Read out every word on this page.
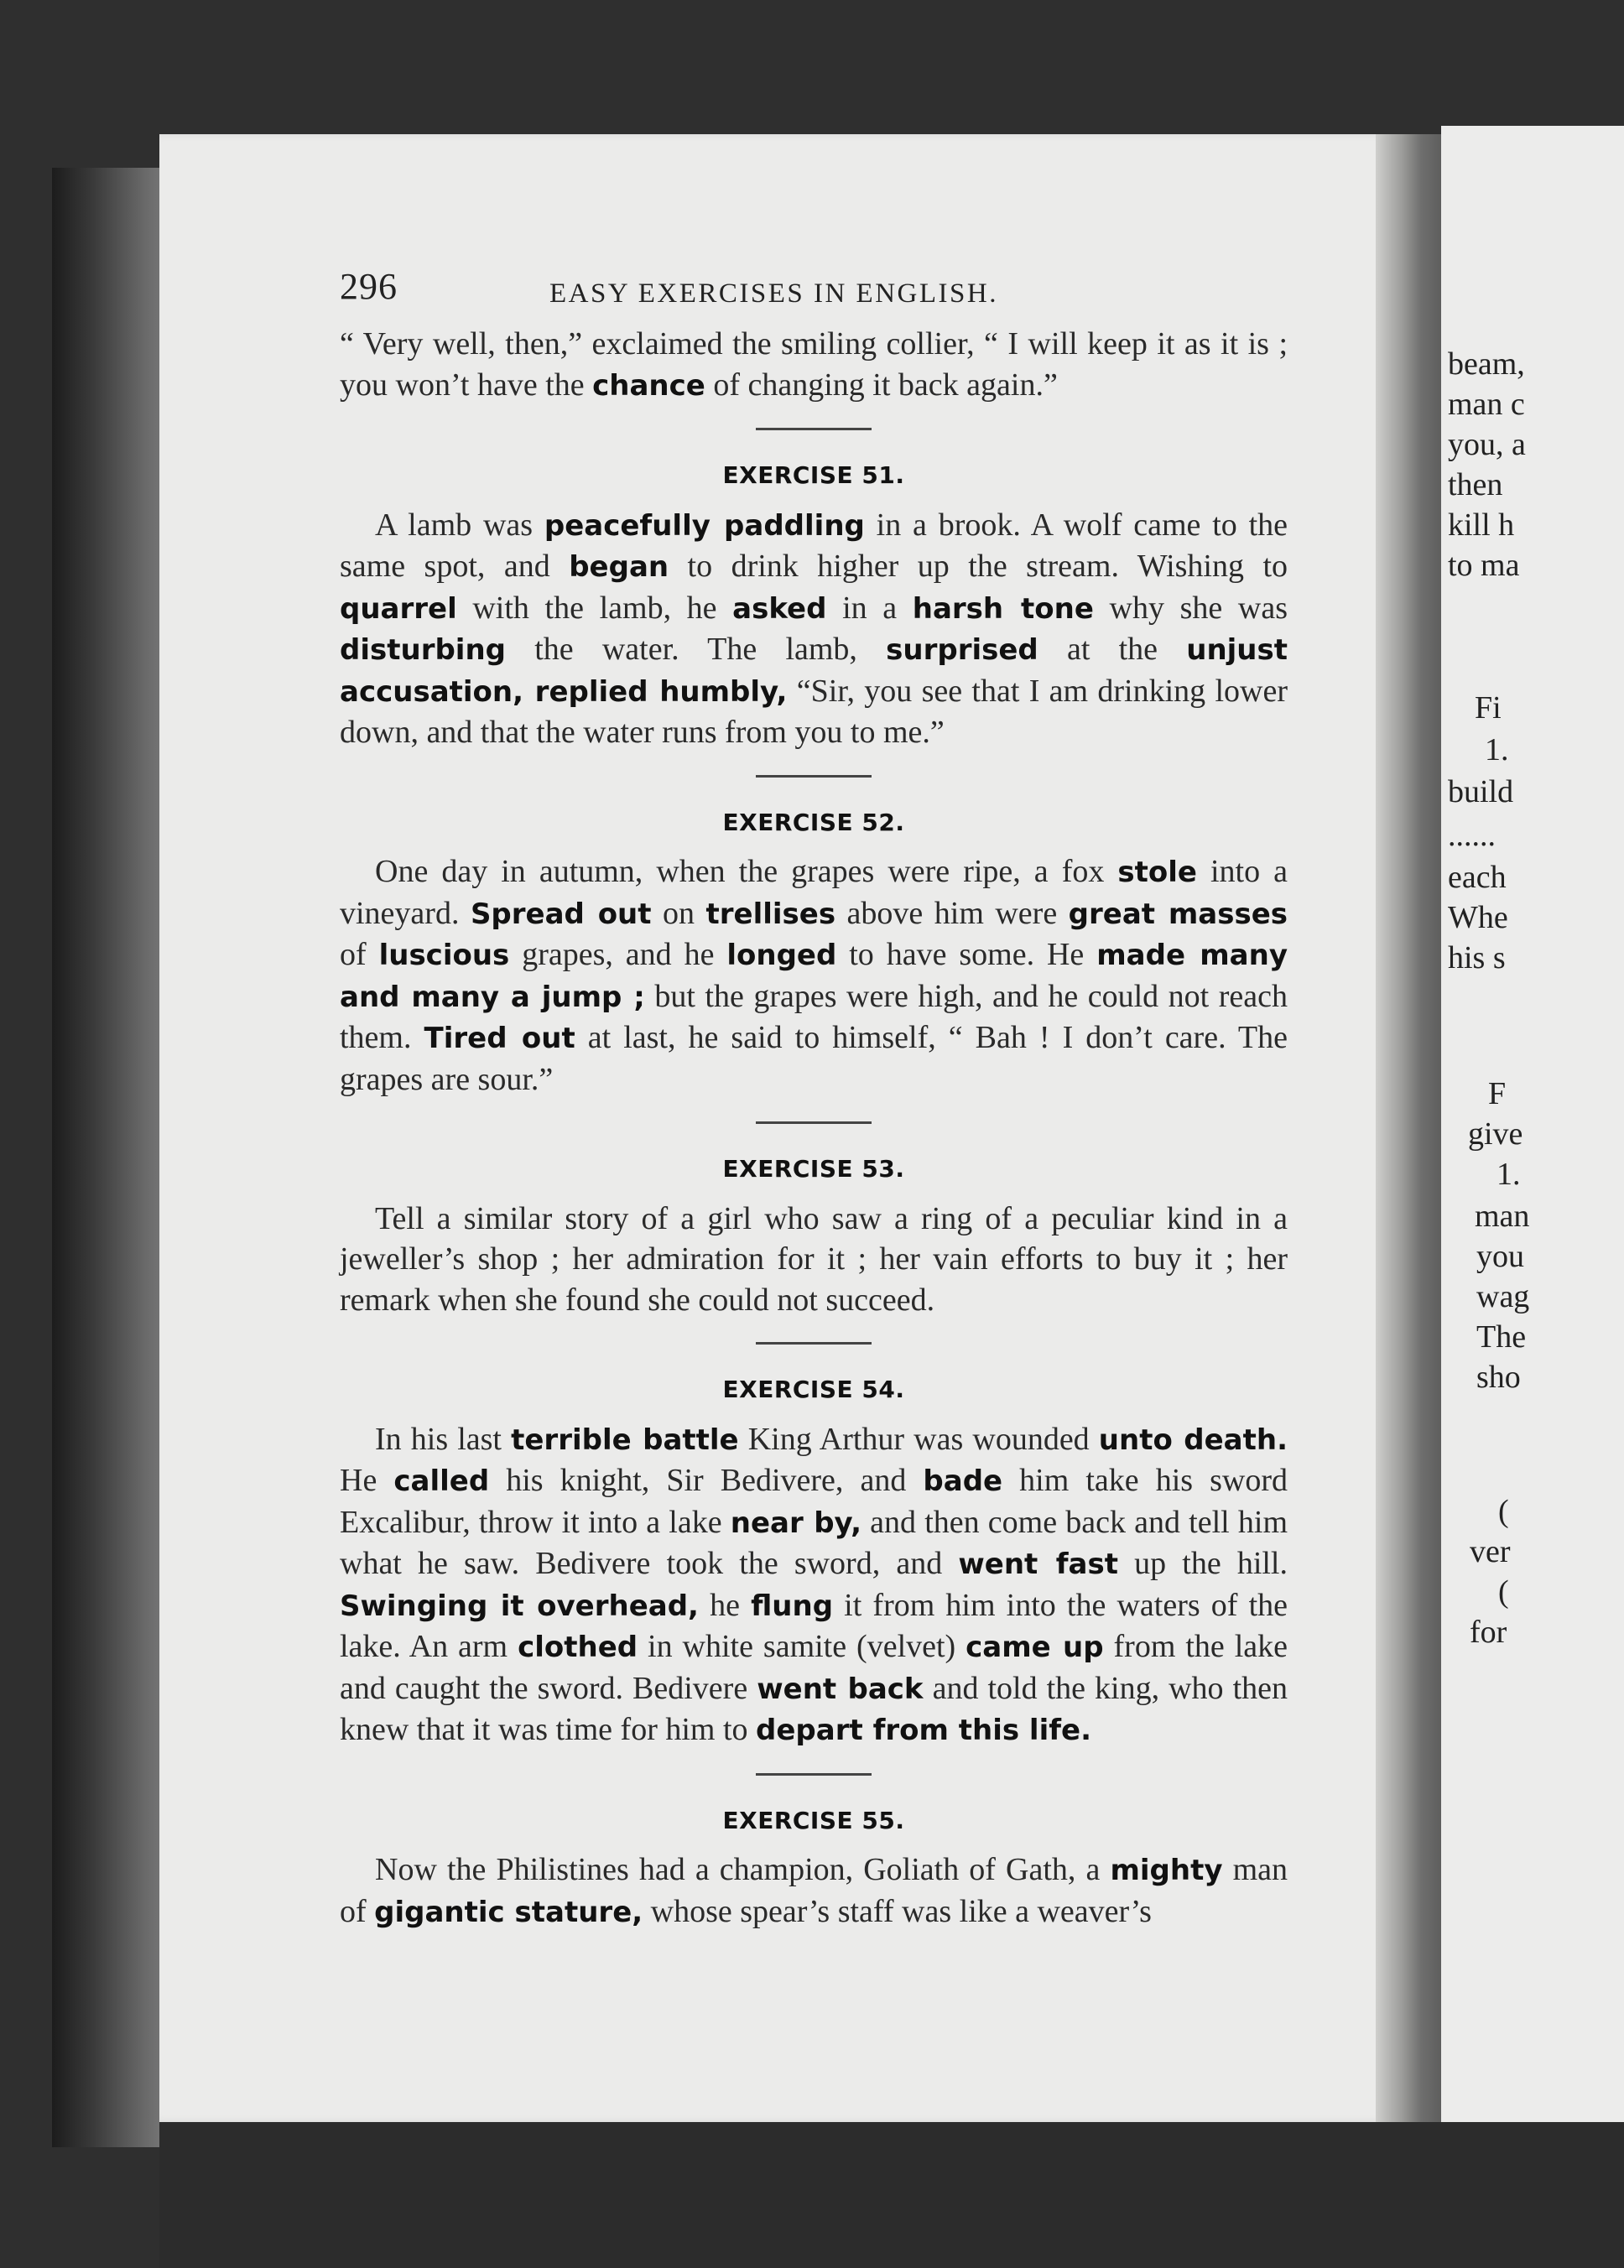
beam,
man c
you, a
then
kill h
to ma
Fi
1.
build
......
each
Whe
his s
F
give
1.
man
you
wag
The
sho
(
ver
(
for
296	EASY EXERCISES IN ENGLISH.

“ Very well, then,” exclaimed the smiling collier, “ I will keep it as it is ; you won’t have the chance of changing it back again.”

EXERCISE 51.

A lamb was peacefully paddling in a brook. A wolf came to the same spot, and began to drink higher up the stream. Wishing to quarrel with the lamb, he asked in a harsh tone why she was disturbing the water. The lamb, surprised at the unjust accusation, replied humbly, “Sir, you see that I am drinking lower down, and that the water runs from you to me.”

EXERCISE 52.

One day in autumn, when the grapes were ripe, a fox stole into a vineyard. Spread out on trellises above him were great masses of luscious grapes, and he longed to have some. He made many and many a jump ; but the grapes were high, and he could not reach them. Tired out at last, he said to himself, “ Bah ! I don’t care. The grapes are sour.”

EXERCISE 53.

Tell a similar story of a girl who saw a ring of a peculiar kind in a jeweller’s shop ; her admiration for it ; her vain efforts to buy it ; her remark when she found she could not succeed.

EXERCISE 54.

In his last terrible battle King Arthur was wounded unto death. He called his knight, Sir Bedivere, and bade him take his sword Excalibur, throw it into a lake near by, and then come back and tell him what he saw. Bedivere took the sword, and went fast up the hill. Swinging it overhead, he flung it from him into the waters of the lake. An arm clothed in white samite (velvet) came up from the lake and caught the sword. Bedivere went back and told the king, who then knew that it was time for him to depart from this life.

EXERCISE 55.

Now the Philistines had a champion, Goliath of Gath, a mighty man of gigantic stature, whose spear’s staff was like a weaver’s
